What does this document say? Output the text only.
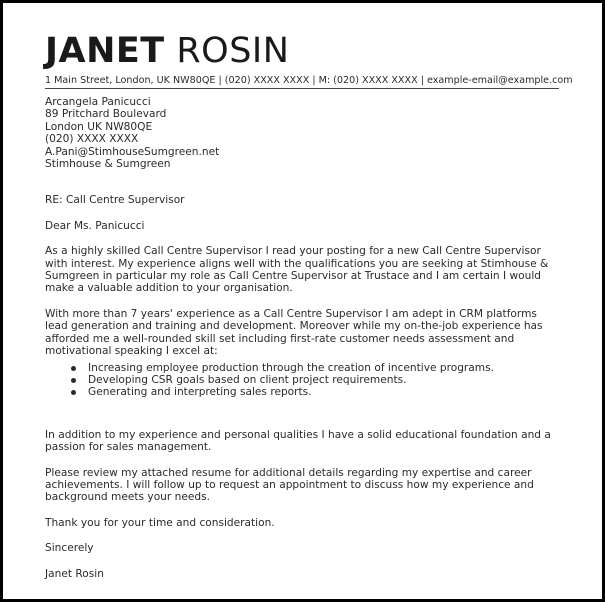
JANET ROSIN
1 Main Street, London, UK NW80QE | (020) XXXX XXXX | M: (020) XXXX XXXX | example-email@example.com

Arcangela Panicucci

89 Pritchard Boulevard

London UK NW80QE

(020) XXXX XXXX

A.Pani@StimhouseSumgreen.net

Stimhouse & Sumgreen

RE: Call Centre Supervisor

Dear Ms. Panicucci

As a highly skilled Call Centre Supervisor I read your posting for a new Call Centre Supervisor with interest. My experience aligns well with the qualifications you are seeking at Stimhouse & Sumgreen in particular my role as Call Centre Supervisor at Trustace and I am certain I would make a valuable addition to your organisation.

With more than 7 years' experience as a Call Centre Supervisor I am adept in CRM platforms lead generation and training and development. Moreover while my on-the-job experience has afforded me a well-rounded skill set including first-rate customer needs assessment and motivational speaking I excel at:

Increasing employee production through the creation of incentive programs.
Developing CSR goals based on client project requirements.
Generating and interpreting sales reports.

In addition to my experience and personal qualities I have a solid educational foundation and a passion for sales management.

Please review my attached resume for additional details regarding my expertise and career achievements. I will follow up to request an appointment to discuss how my experience and background meets your needs.

Thank you for your time and consideration.

Sincerely

Janet Rosin
